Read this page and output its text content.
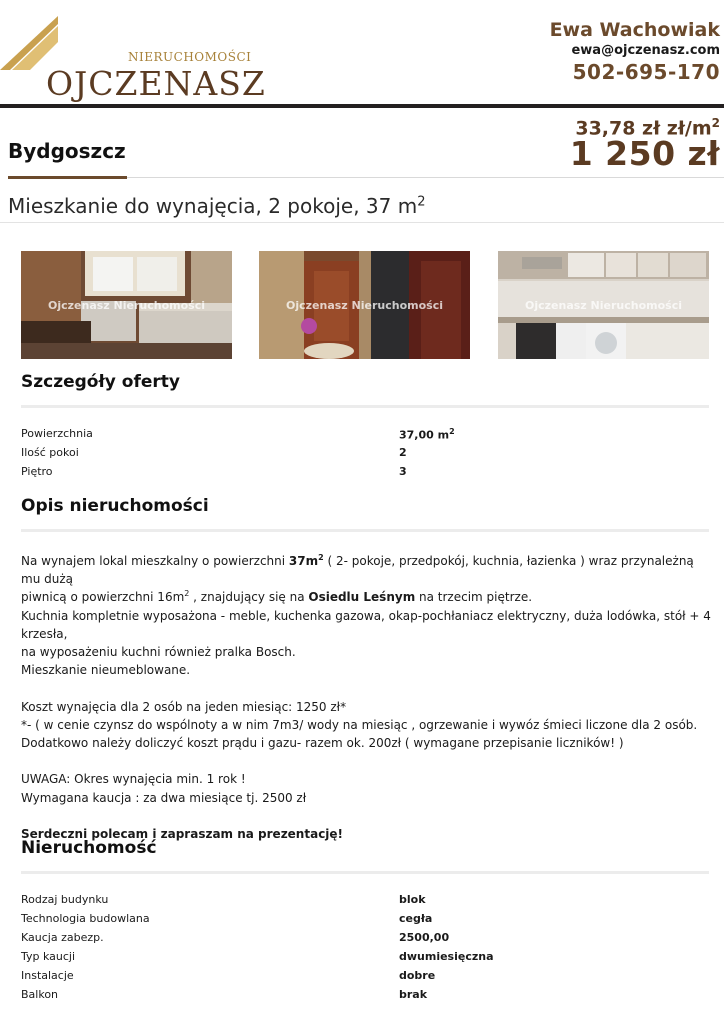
NIERUCHOMOŚCI
OJCZENASZ
Ewa Wachowiak
ewa@ojczenasz.com
502-695-170
Bydgoszcz
33,78 zł $zł/m^2$
1 250 zł
Mieszkanie do wynajęcia, 2 pokoje, 37 $m^2$
Ojczenasz Nieruchomości	Ojczenasz Nieruchomości	Ojczenasz Nieruchomości
Szczegóły oferty
Powierzchnia	37,00 $m^2$
Ilość pokoi	2
Piętro	3
Opis nieruchomości

Na wynajem lokal mieszkalny o powierzchni $37m^2$ ( 2- pokoje, przedpokój, kuchnia, łazienka ) wraz przynależną mu dużą

piwnicą o powierzchni $16m^2$ , znajdujący się na Osiedlu Leśnym na trzecim piętrze.

Kuchnia kompletnie wyposażona - meble, kuchenka gazowa, okap-pochłaniacz elektryczny, duża lodówka, stół + 4 krzesła,

na wyposażeniu kuchni również pralka Bosch.

Mieszkanie nieumeblowane.

Koszt wynajęcia dla 2 osób na jeden miesiąc: 1250 zł*

*- ( w cenie czynsz do wspólnoty a w nim 7m3/ wody na miesiąc , ogrzewanie i wywóz śmieci liczone dla 2 osób.

Dodatkowo należy doliczyć koszt prądu i gazu- razem ok. 200zł ( wymagane przepisanie liczników! )

UWAGA: Okres wynajęcia min. 1 rok !

Wymagana kaucja : za dwa miesiące tj. 2500 zł

Serdeczni polecam i zapraszam na prezentację!

Nieruchomość
Rodzaj budynku	blok
Technologia budowlana	cegła
Kaucja zabezp.	2500,00
Typ kaucji	dwumiesięczna
Instalacje	dobre
Balkon	brak
